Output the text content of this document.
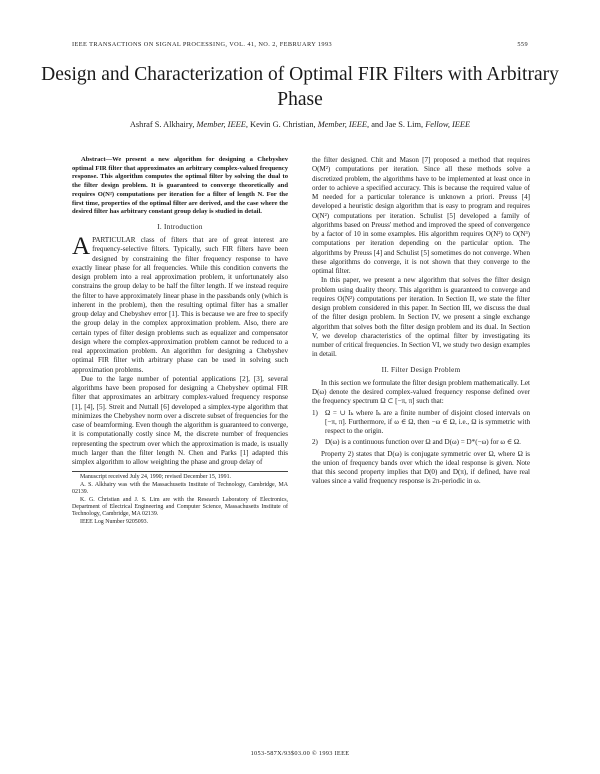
IEEE TRANSACTIONS ON SIGNAL PROCESSING, VOL. 41, NO. 2, FEBRUARY 1993	559
Design and Characterization of Optimal FIR Filters with Arbitrary Phase
Ashraf S. Alkhairy, Member, IEEE, Kevin G. Christian, Member, IEEE, and Jae S. Lim, Fellow, IEEE

Abstract—We present a new algorithm for designing a Chebyshev optimal FIR filter that approximates an arbitrary complex-valued frequency response. This algorithm computes the optimal filter by solving the dual to the filter design problem. It is guaranteed to converge theoretically and requires O(N²) computations per iteration for a filter of length N. For the first time, properties of the optimal filter are derived, and the case where the desired filter has arbitrary constant group delay is studied in detail.

I. Introduction

APARTICULAR class of filters that are of great interest are frequency-selective filters. Typically, such FIR filters have been designed by constraining the filter frequency response to have exactly linear phase for all frequencies. While this condition converts the design problem into a real approximation problem, it unfortunately also constrains the group delay to be half the filter length. If we instead require the filter to have approximately linear phase in the passbands only (which is inherent in the problem), then the resulting optimal filter has a smaller group delay and Chebyshev error [1]. This is because we are free to specify the group delay in the complex approximation problem. Also, there are certain types of filter design problems such as equalizer and compensator design where the complex-approximation problem cannot be reduced to a real approximation problem. An algorithm for designing a Chebyshev optimal FIR filter with arbitrary phase can be used in solving such approximation problems.

Due to the large number of potential applications [2], [3], several algorithms have been proposed for designing a Chebyshev optimal FIR filter that approximates an arbitrary complex-valued frequency response [1], [4], [5]. Streit and Nuttall [6] developed a simplex-type algorithm that minimizes the Chebyshev norm over a discrete subset of frequencies for the case of beamforming. Even though the algorithm is guaranteed to converge, it is computationally costly since M, the discrete number of frequencies representing the spectrum over which the approximation is made, is usually much larger than the filter length N. Chen and Parks [1] adapted this simplex algorithm to allow weighting the phase and group delay of

Manuscript received July 24, 1990; revised December 15, 1991.

A. S. Alkhairy was with the Massachusetts Institute of Technology, Cambridge, MA 02139.

K. G. Christian and J. S. Lim are with the Research Laboratory of Electronics, Department of Electrical Engineering and Computer Science, Massachusetts Institute of Technology, Cambridge, MA 02139.

IEEE Log Number 9205093.

the filter designed. Chit and Mason [7] proposed a method that requires O(M²) computations per iteration. Since all these methods solve a discretized problem, the algorithms have to be implemented at least once in order to achieve a specified accuracy. This is because the required value of M needed for a particular tolerance is unknown a priori. Preuss [4] developed a heuristic design algorithm that is easy to program and requires O(N²) computations per iteration. Schulist [5] developed a family of algorithms based on Preuss' method and improved the speed of convergence by a factor of 10 in some examples. His algorithm requires O(N²) to O(N³) computations per iteration depending on the particular option. The algorithms by Preuss [4] and Schulist [5] sometimes do not converge. When these algorithms do converge, it is not shown that they converge to the optimal filter.

In this paper, we present a new algorithm that solves the filter design problem using duality theory. This algorithm is guaranteed to converge and requires O(N²) computations per iteration. In Section II, we state the filter design problem considered in this paper. In Section III, we discuss the dual of the filter design problem. In Section IV, we present a single exchange algorithm that solves both the filter design problem and its dual. In Section V, we develop characteristics of the optimal filter by investigating its number of critical frequencies. In Section VI, we study two design examples in detail.

II. Filter Design Problem

In this section we formulate the filter design problem mathematically. Let D(ω) denote the desired complex-valued frequency response defined over the frequency spectrum Ω ⊂ [−π, π] such that:

1) Ω = ∪ Iₖ where Iₖ are a finite number of disjoint closed intervals on [−π, π]. Furthermore, if ω ∈ Ω, then −ω ∈ Ω, i.e., Ω is symmetric with respect to the origin.
2) D(ω) is a continuous function over Ω and D(ω) = D*(−ω) for ω ∈ Ω.

Property 2) states that D(ω) is conjugate symmetric over Ω, where Ω is the union of frequency bands over which the ideal response is given. Note that this second property implies that D(0) and D(π), if defined, have real values since a valid frequency response is 2π-periodic in ω.

1053-587X/93$03.00 © 1993 IEEE
